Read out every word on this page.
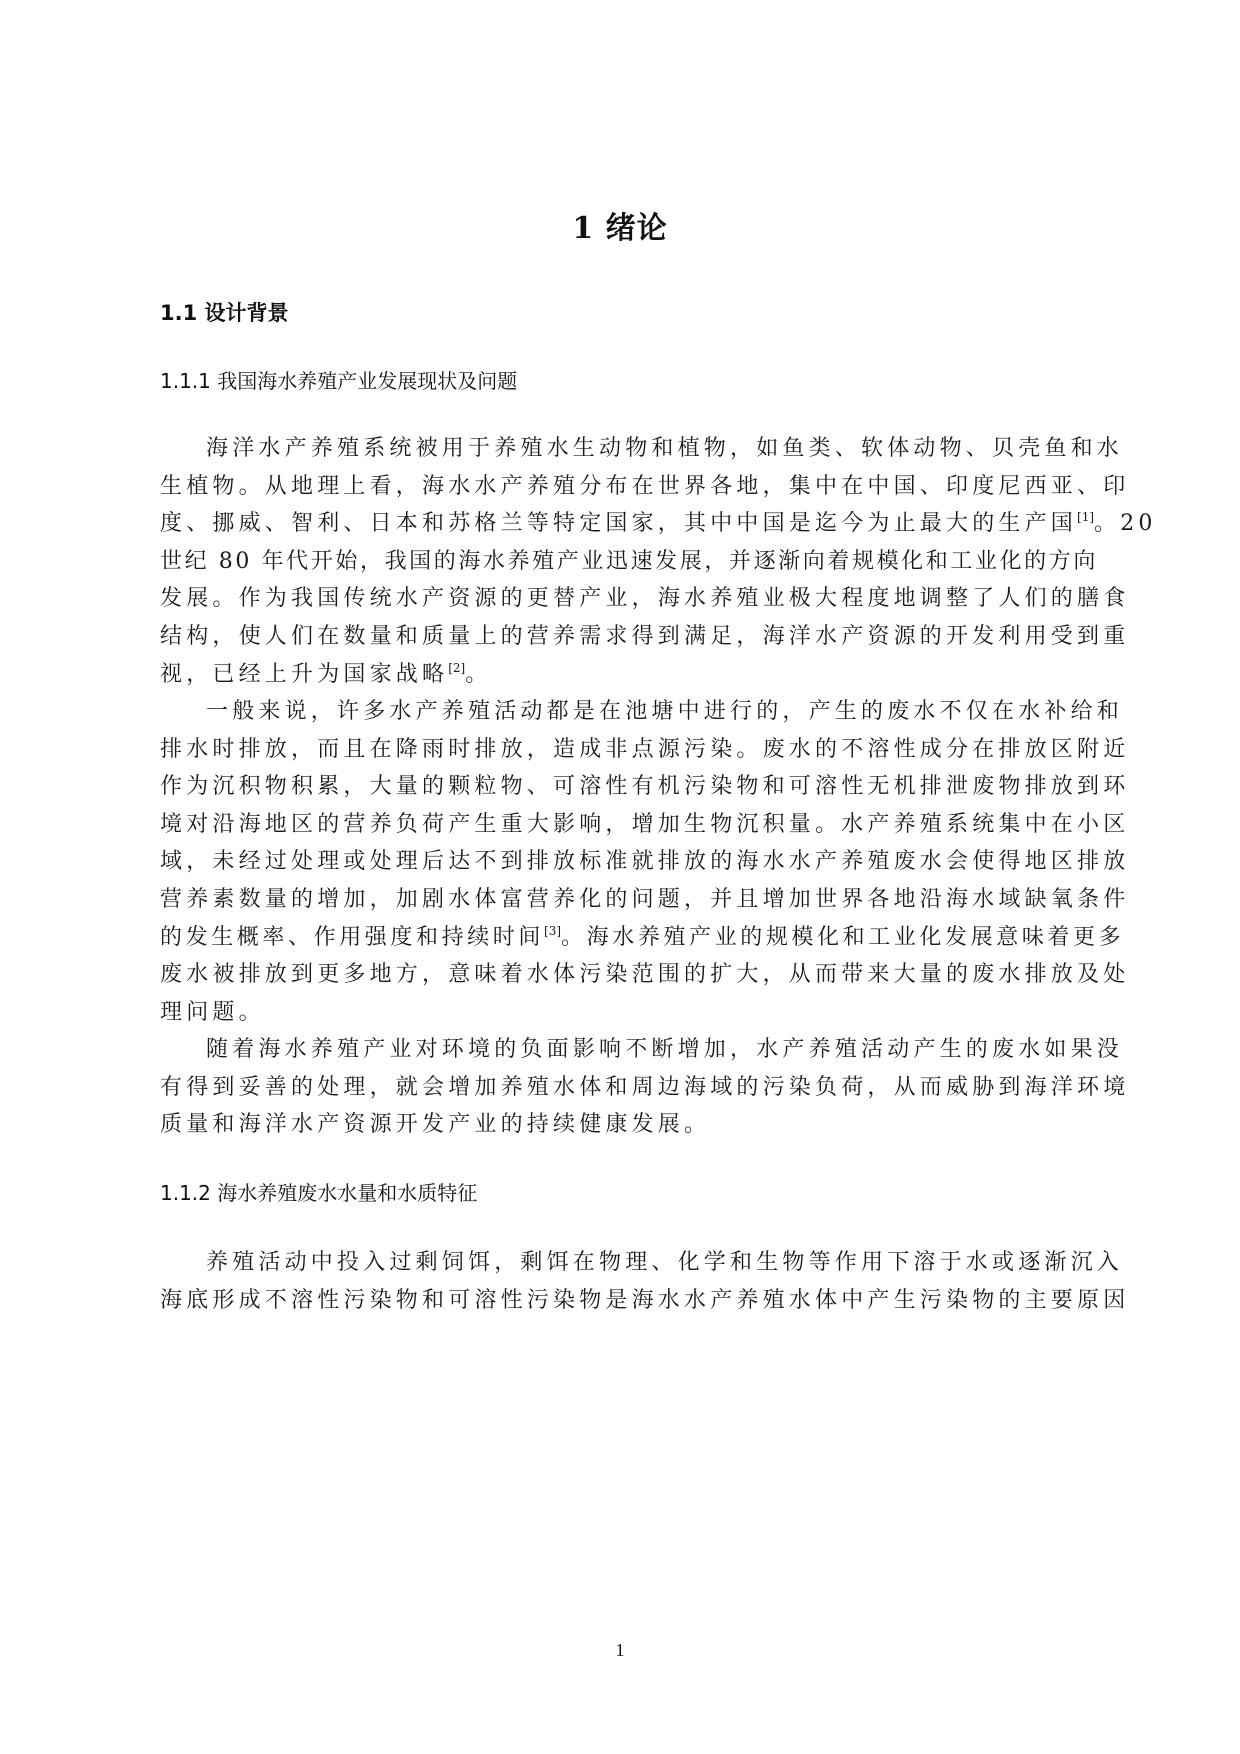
1 绪论
1.1 设计背景
1.1.1 我国海水养殖产业发展现状及问题
海洋水产养殖系统被用于养殖水生动物和植物，如鱼类、软体动物、贝壳鱼和水
生植物。从地理上看，海水水产养殖分布在世界各地，集中在中国、印度尼西亚、印
度、挪威、智利、日本和苏格兰等特定国家，其中中国是迄今为止最大的生产国[1]。20
世纪 80 年代开始，我国的海水养殖产业迅速发展，并逐渐向着规模化和工业化的方向
发展。作为我国传统水产资源的更替产业，海水养殖业极大程度地调整了人们的膳食
结构，使人们在数量和质量上的营养需求得到满足，海洋水产资源的开发利用受到重
视，已经上升为国家战略[2]。
一般来说，许多水产养殖活动都是在池塘中进行的，产生的废水不仅在水补给和
排水时排放，而且在降雨时排放，造成非点源污染。废水的不溶性成分在排放区附近
作为沉积物积累，大量的颗粒物、可溶性有机污染物和可溶性无机排泄废物排放到环
境对沿海地区的营养负荷产生重大影响，增加生物沉积量。水产养殖系统集中在小区
域，未经过处理或处理后达不到排放标准就排放的海水水产养殖废水会使得地区排放
营养素数量的增加，加剧水体富营养化的问题，并且增加世界各地沿海水域缺氧条件
的发生概率、作用强度和持续时间[3]。海水养殖产业的规模化和工业化发展意味着更多
废水被排放到更多地方，意味着水体污染范围的扩大，从而带来大量的废水排放及处
理问题。
随着海水养殖产业对环境的负面影响不断增加，水产养殖活动产生的废水如果没
有得到妥善的处理，就会增加养殖水体和周边海域的污染负荷，从而威胁到海洋环境
质量和海洋水产资源开发产业的持续健康发展。
1.1.2 海水养殖废水水量和水质特征
养殖活动中投入过剩饲饵，剩饵在物理、化学和生物等作用下溶于水或逐渐沉入
海底形成不溶性污染物和可溶性污染物是海水水产养殖水体中产生污染物的主要原因
1
